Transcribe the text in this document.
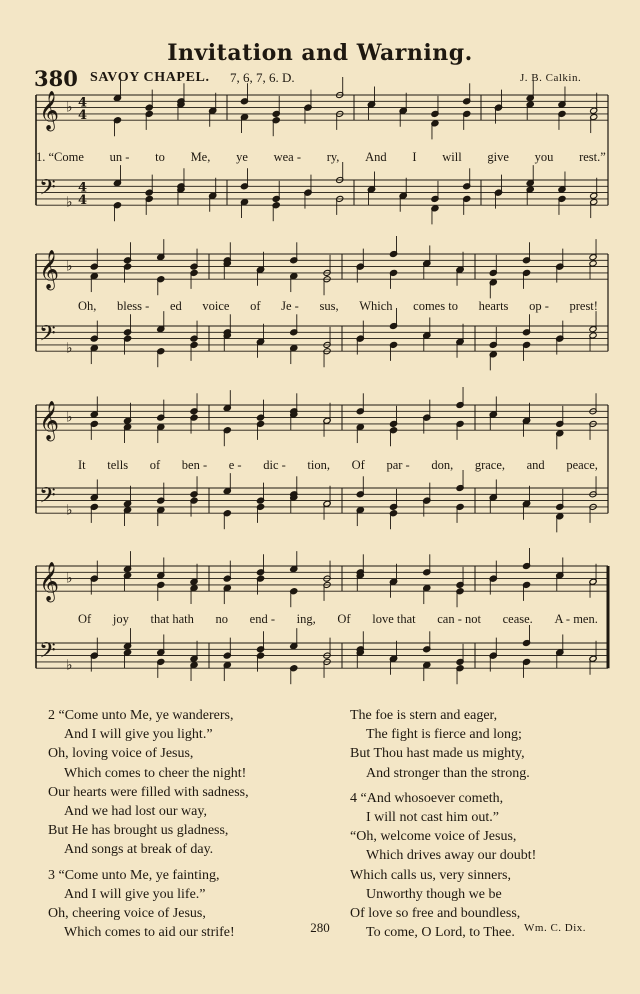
Invitation and Warning.
380 SAVOY CHAPEL. 7, 6, 7, 6. D.	J. B. Calkin.
𝄞 ♭ 4
4
𝄢 ♭
4
4
𝄞 ♭
𝄢 ♭
𝄞 ♭
𝄢 ♭
𝄞 ♭
𝄢 ♭
1. “Come un - to Me, ye wea - ry, And I will give you rest.”
Oh, bless - ed voice of Je - sus, Which comes to hearts op - prest!
It tells of ben - e - dic - tion, Of par - don, grace, and peace,
Of joy that hath no end - ing, Of love that can - not cease. A - men.
2 “Come unto Me, ye wanderers,
And I will give you light.”
Oh, loving voice of Jesus,
Which comes to cheer the night!
Our hearts were filled with sadness,
And we had lost our way,
But He has brought us gladness,
And songs at break of day.
3 “Come unto Me, ye fainting,
And I will give you life.”
Oh, cheering voice of Jesus,
Which comes to aid our strife!
The foe is stern and eager,
The fight is fierce and long;
But Thou hast made us mighty,
And stronger than the strong.
4 “And whosoever cometh,
I will not cast him out.”
“Oh, welcome voice of Jesus,
Which drives away our doubt!
Which calls us, very sinners,
Unworthy though we be
Of love so free and boundless,
To come, O Lord, to Thee.
280	Wm. C. Dix.
